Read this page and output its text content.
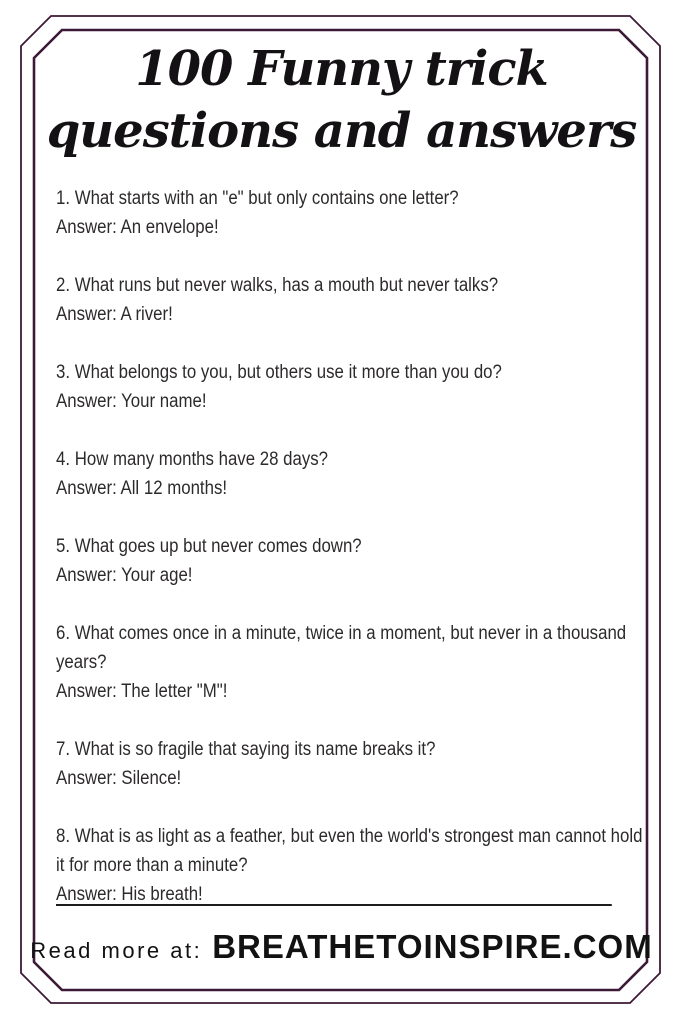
100 Funny trick
questions and answers
1. What starts with an "e" but only contains one letter?
Answer: An envelope!
2. What runs but never walks, has a mouth but never talks?
Answer: A river!
3. What belongs to you, but others use it more than you do?
Answer: Your name!
4. How many months have 28 days?
Answer: All 12 months!
5. What goes up but never comes down?
Answer: Your age!
6. What comes once in a minute, twice in a moment, but never in a thousand
years?
Answer: The letter "M"!
7. What is so fragile that saying its name breaks it?
Answer: Silence!
8. What is as light as a feather, but even the world's strongest man cannot hold
it for more than a minute?
Answer: His breath!
Read more at: BREATHETOINSPIRE.COM
